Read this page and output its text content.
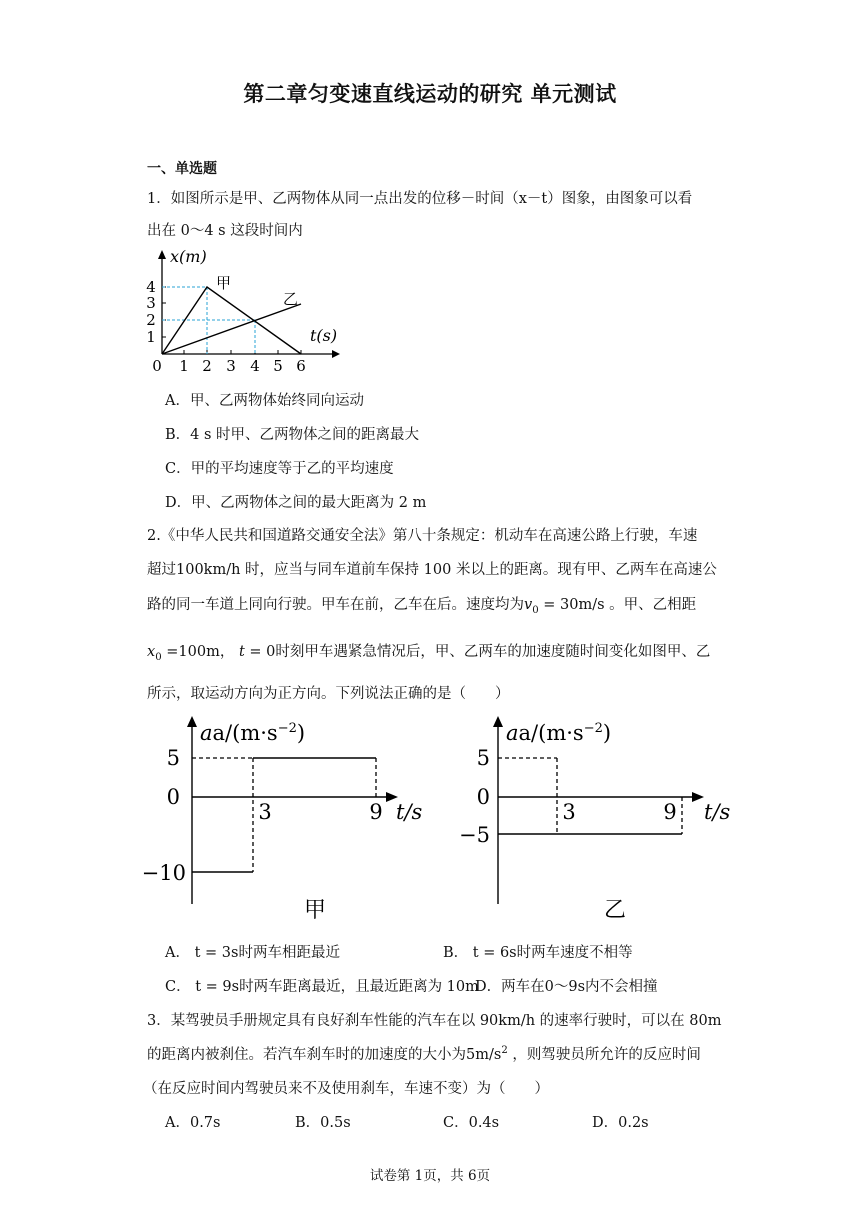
第二章匀变速直线运动的研究 单元测试
一、单选题
1．如图所示是甲、乙两物体从同一点出发的位移－时间（x－t）图象，由图象可以看
出在 0～4 s 这段时间内
x(m)
t(s)
甲
乙
0 1 2 3 4 5 6
1
2
3
4
A．甲、乙两物体始终同向运动
B．4 s 时甲、乙两物体之间的距离最大
C．甲的平均速度等于乙的平均速度
D．甲、乙两物体之间的最大距离为 2 m
2.《中华人民共和国道路交通安全法》第八十条规定：机动车在高速公路上行驶，车速
超过100km/h 时，应当与同车道前车保持 100 米以上的距离。现有甲、乙两车在高速公
路的同一车道上同向行驶。甲车在前，乙车在后。速度均为$v_0 = 30m/s$ 。甲、乙相距
$x_0 =100m$， t = 0时刻甲车遇紧急情况后，甲、乙两车的加速度随时间变化如图甲、乙
所示，取运动方向为正方向。下列说法正确的是（　　）
$aa/(m\cdot s^{-2})$
5
0
−10
3	9 t/s
甲
$aa/(m\cdot s^{-2})$
5
0
−5
3	9 t/s
乙
A． t = 3s时两车相距最近	B． t = 6s时两车速度不相等
C． t = 9s时两车距离最近，且最近距离为 10m
D．两车在0～9s内不会相撞
3．某驾驶员手册规定具有良好刹车性能的汽车在以 90km/h 的速率行驶时，可以在 80m
的距离内被刹住。若汽车刹车时的加速度的大小为$5m/s^2$ ，则驾驶员所允许的反应时间
（在反应时间内驾驶员来不及使用刹车，车速不变）为（　　）
A．0.7s	B．0.5s	C．0.4s	D．0.2s
试卷第 1页，共 6页
